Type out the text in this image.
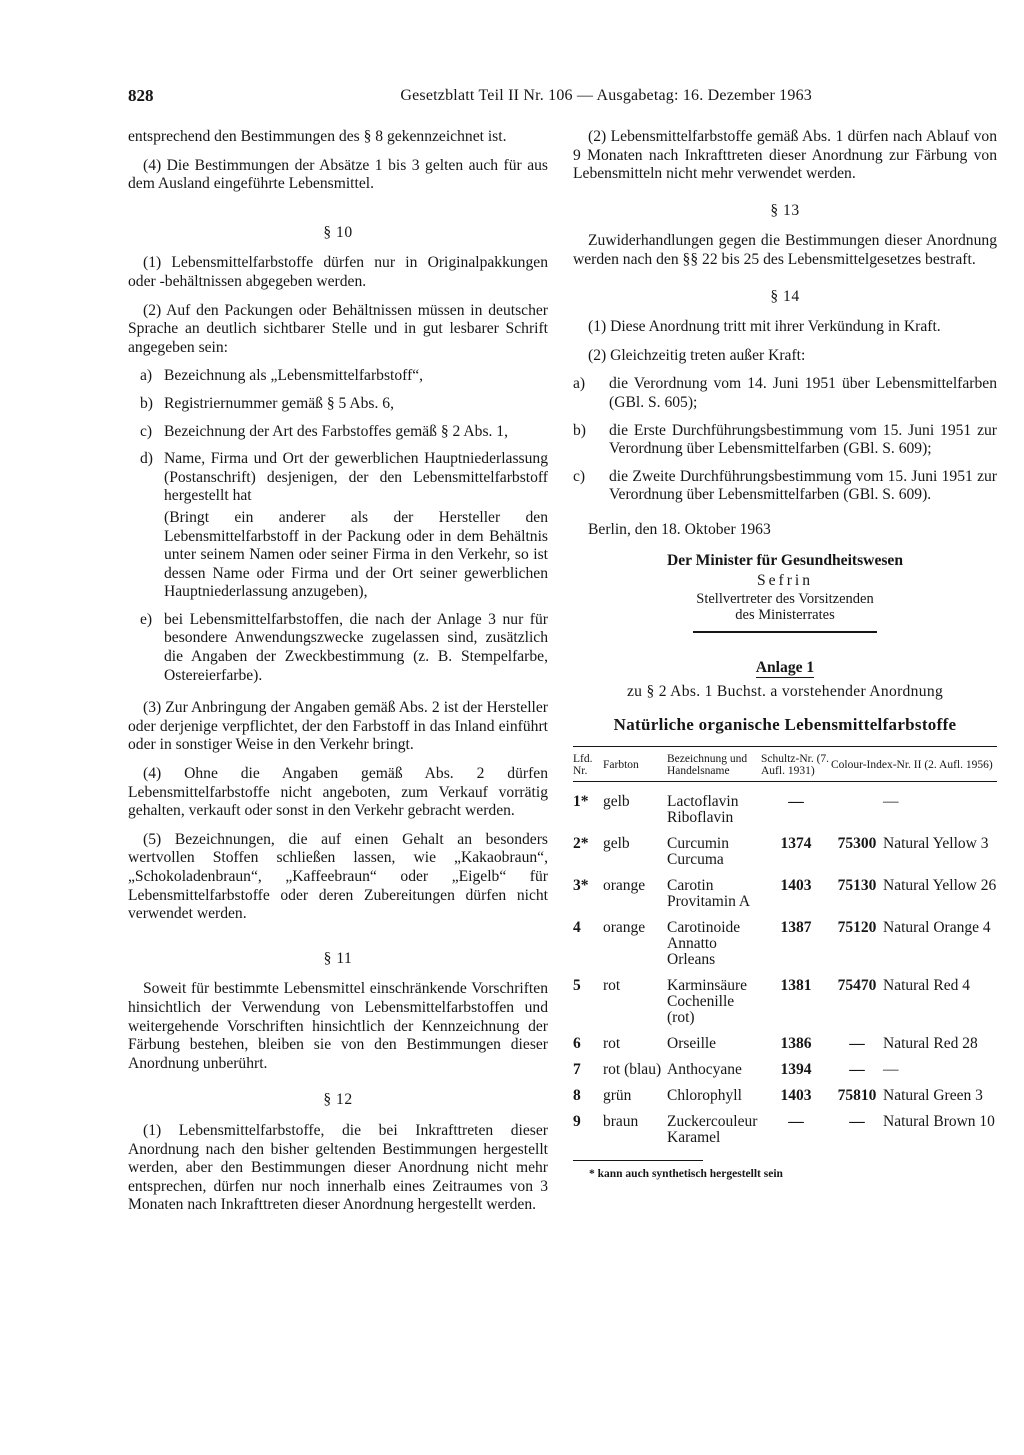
828	Gesetzblatt Teil II Nr. 106 — Ausgabetag: 16. Dezember 1963

entsprechend den Bestimmungen des § 8 gekennzeichnet ist.

(4) Die Bestimmungen der Absätze 1 bis 3 gelten auch für aus dem Ausland eingeführte Lebensmittel.

§ 10

(1) Lebensmittelfarbstoffe dürfen nur in Originalpakkungen oder -behältnissen abgegeben werden.

(2) Auf den Packungen oder Behältnissen müssen in deutscher Sprache an deutlich sichtbarer Stelle und in gut lesbarer Schrift angegeben sein:

a) Bezeichnung als „Lebensmittelfarbstoff“,
b) Registriernummer gemäß § 5 Abs. 6,
c) Bezeichnung der Art des Farbstoffes gemäß § 2 Abs. 1,
d) Name, Firma und Ort der gewerblichen Hauptniederlassung (Postanschrift) desjenigen, der den Lebensmittelfarbstoff hergestellt hat
(Bringt ein anderer als der Hersteller den Lebensmittelfarbstoff in der Packung oder in dem Behältnis unter seinem Namen oder seiner Firma in den Verkehr, so ist dessen Name oder Firma und der Ort seiner gewerblichen Hauptniederlassung anzugeben),
e) bei Lebensmittelfarbstoffen, die nach der Anlage 3 nur für besondere Anwendungszwecke zugelassen sind, zusätzlich die Angaben der Zweckbestimmung (z. B. Stempelfarbe, Ostereierfarbe).

(3) Zur Anbringung der Angaben gemäß Abs. 2 ist der Hersteller oder derjenige verpflichtet, der den Farbstoff in das Inland einführt oder in sonstiger Weise in den Verkehr bringt.

(4) Ohne die Angaben gemäß Abs. 2 dürfen Lebensmittelfarbstoffe nicht angeboten, zum Verkauf vorrätig gehalten, verkauft oder sonst in den Verkehr gebracht werden.

(5) Bezeichnungen, die auf einen Gehalt an besonders wertvollen Stoffen schließen lassen, wie „Kakaobraun“, „Schokoladenbraun“, „Kaffeebraun“ oder „Eigelb“ für Lebensmittelfarbstoffe oder deren Zubereitungen dürfen nicht verwendet werden.

§ 11

Soweit für bestimmte Lebensmittel einschränkende Vorschriften hinsichtlich der Verwendung von Lebensmittelfarbstoffen und weitergehende Vorschriften hinsichtlich der Kennzeichnung der Färbung bestehen, bleiben sie von den Bestimmungen dieser Anordnung unberührt.

§ 12

(1) Lebensmittelfarbstoffe, die bei Inkrafttreten dieser Anordnung nach den bisher geltenden Bestimmungen hergestellt werden, aber den Bestimmungen dieser Anordnung nicht mehr entsprechen, dürfen nur noch innerhalb eines Zeitraumes von 3 Monaten nach Inkrafttreten dieser Anordnung hergestellt werden.

(2) Lebensmittelfarbstoffe gemäß Abs. 1 dürfen nach Ablauf von 9 Monaten nach Inkrafttreten dieser Anordnung zur Färbung von Lebensmitteln nicht mehr verwendet werden.

§ 13

Zuwiderhandlungen gegen die Bestimmungen dieser Anordnung werden nach den §§ 22 bis 25 des Lebensmittelgesetzes bestraft.

§ 14

(1) Diese Anordnung tritt mit ihrer Verkündung in Kraft.

(2) Gleichzeitig treten außer Kraft:

a) die Verordnung vom 14. Juni 1951 über Lebensmittelfarben (GBl. S. 605);
b) die Erste Durchführungsbestimmung vom 15. Juni 1951 zur Verordnung über Lebensmittelfarben (GBl. S. 609);
c) die Zweite Durchführungsbestimmung vom 15. Juni 1951 zur Verordnung über Lebensmittelfarben (GBl. S. 609).

Berlin, den 18. Oktober 1963

Der Minister für Gesundheitswesen
Sefrin
Stellvertreter des Vorsitzenden
des Ministerrates
Anlage 1
zu § 2 Abs. 1 Buchst. a vorstehender Anordnung
Natürliche organische Lebensmittelfarbstoffe
Lfd. Nr.	Farbton	Bezeichnung und Handelsname	Schultz-Nr. (7. Aufl. 1931)	Colour-Index-Nr. II (2. Aufl. 1956)	
1*	gelb	Lactoflavin Riboflavin	—		—
2*	gelb	Curcumin Curcuma	1374	75300	Natural Yellow 3
3*	orange	Carotin Provitamin A	1403	75130	Natural Yellow 26
4	orange	Carotinoide Annatto Orleans	1387	75120	Natural Orange 4
5	rot	Karminsäure Cochenille (rot)	1381	75470	Natural Red 4
6	rot	Orseille	1386	—	Natural Red 28
7	rot (blau)	Anthocyane	1394	—	—
8	grün	Chlorophyll	1403	75810	Natural Green 3
9	braun	Zuckercouleur Karamel	—	—	Natural Brown 10
* kann auch synthetisch hergestellt sein
